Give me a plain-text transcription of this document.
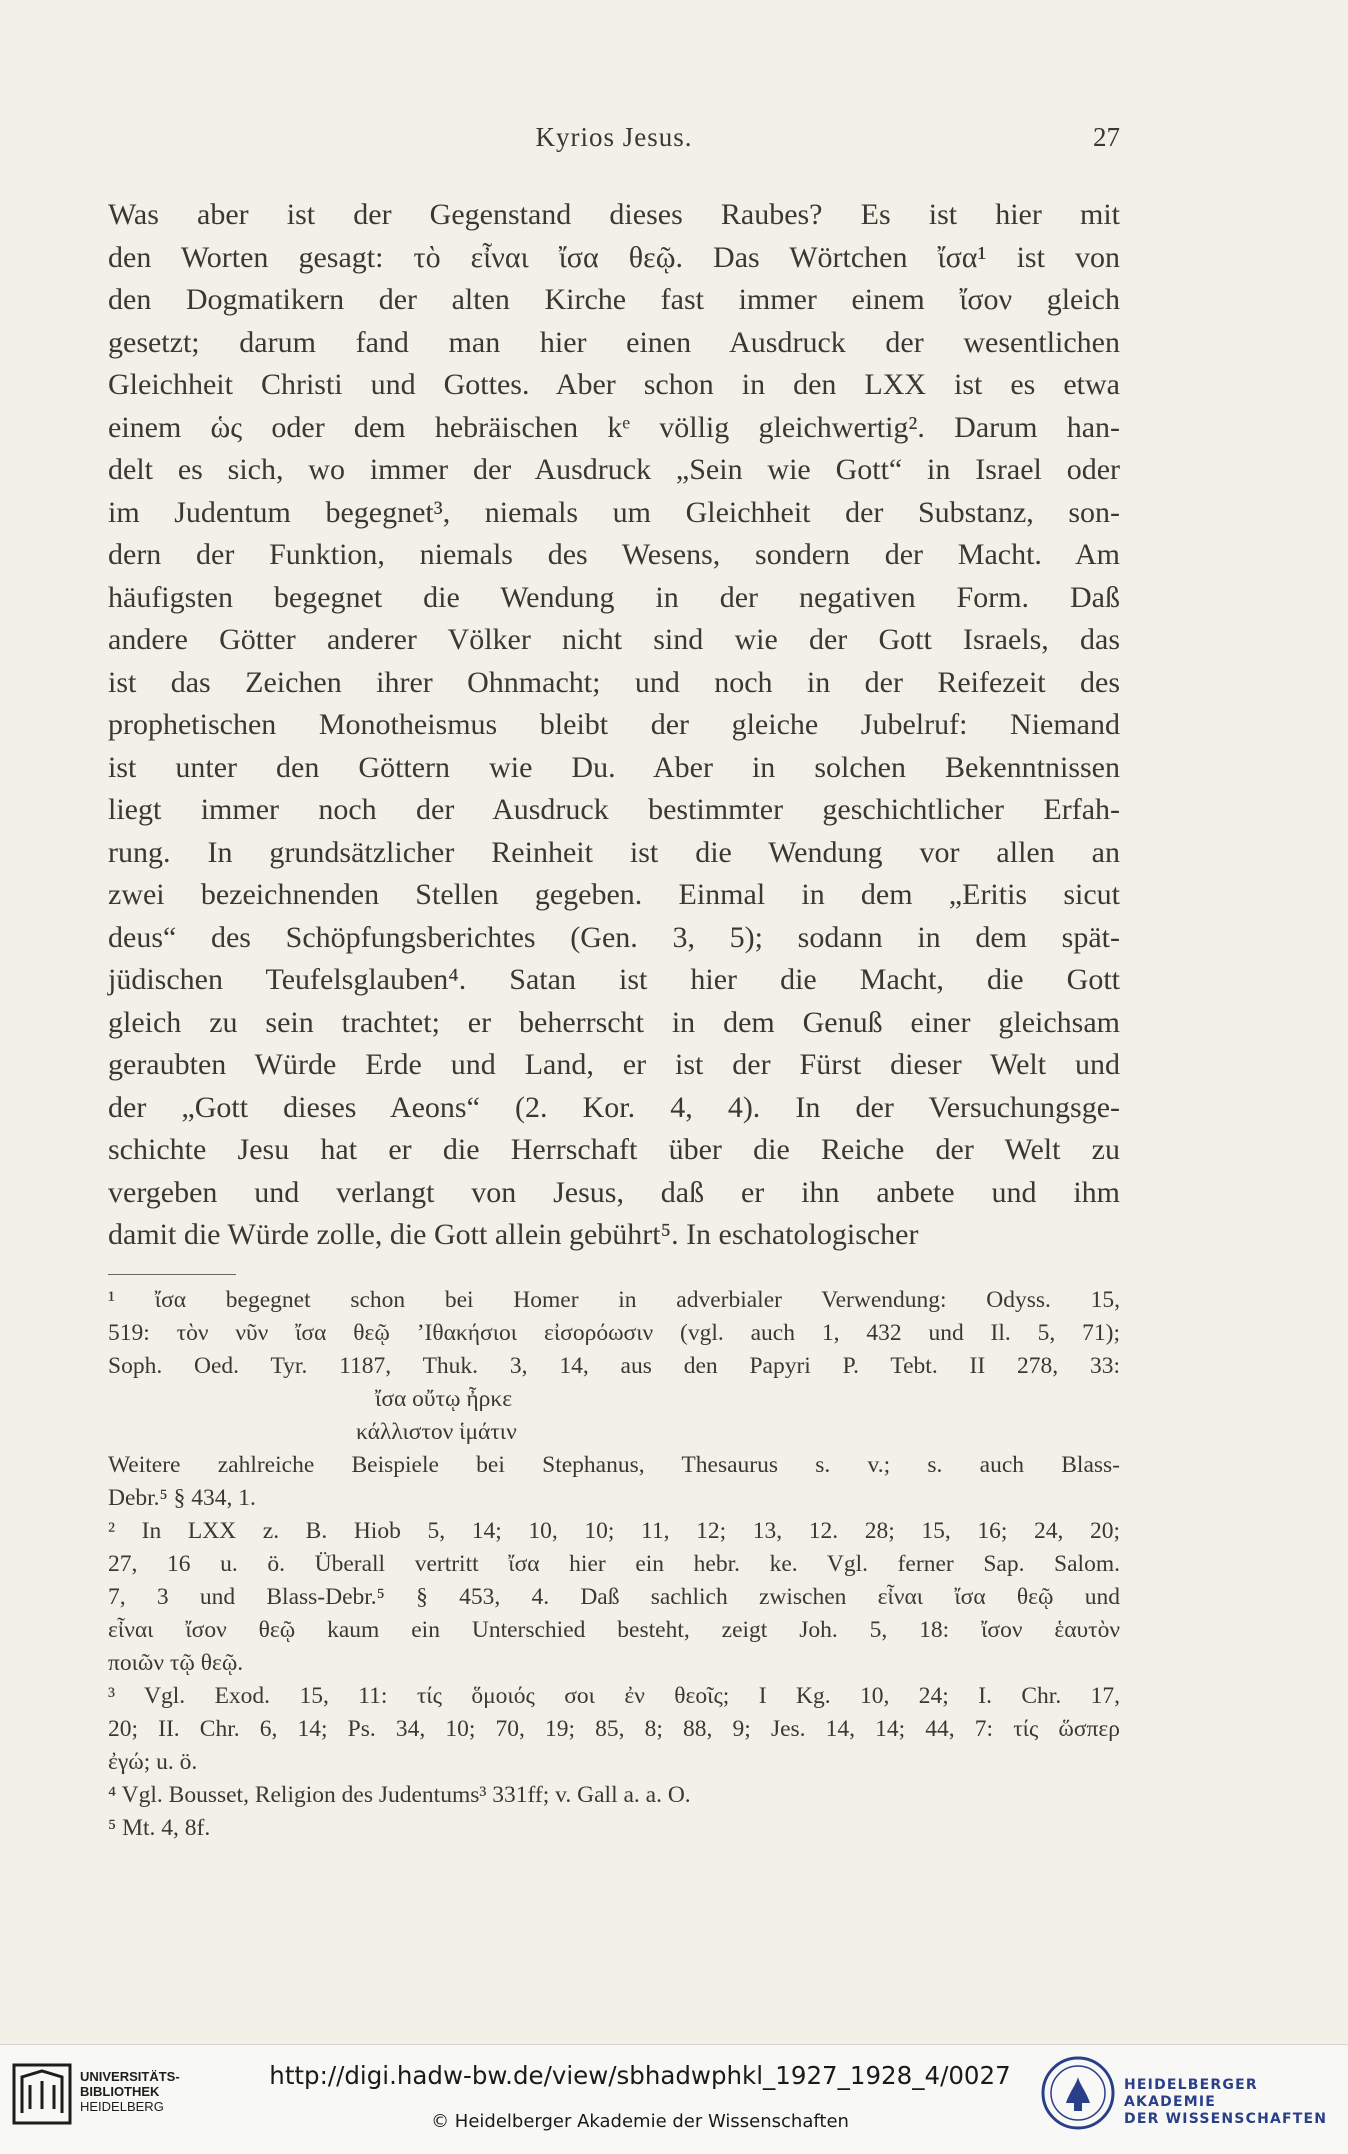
Kyrios Jesus.	27
Was aber ist der Gegenstand dieses Raubes? Es ist hier mit
den Worten gesagt: τὸ εἶναι ἴσα θεῷ. Das Wörtchen ἴσα¹ ist von
den Dogmatikern der alten Kirche fast immer einem ἴσον gleich
gesetzt; darum fand man hier einen Ausdruck der wesentlichen
Gleichheit Christi und Gottes. Aber schon in den LXX ist es etwa
einem ὡς oder dem hebräischen kᵉ völlig gleichwertig². Darum han-
delt es sich, wo immer der Ausdruck „Sein wie Gott“ in Israel oder
im Judentum begegnet³, niemals um Gleichheit der Substanz, son-
dern der Funktion, niemals des Wesens, sondern der Macht. Am
häufigsten begegnet die Wendung in der negativen Form. Daß
andere Götter anderer Völker nicht sind wie der Gott Israels, das
ist das Zeichen ihrer Ohnmacht; und noch in der Reifezeit des
prophetischen Monotheismus bleibt der gleiche Jubelruf: Niemand
ist unter den Göttern wie Du. Aber in solchen Bekenntnissen
liegt immer noch der Ausdruck bestimmter geschichtlicher Erfah-
rung. In grundsätzlicher Reinheit ist die Wendung vor allen an
zwei bezeichnenden Stellen gegeben. Einmal in dem „Eritis sicut
deus“ des Schöpfungsberichtes (Gen. 3, 5); sodann in dem spät-
jüdischen Teufelsglauben⁴. Satan ist hier die Macht, die Gott
gleich zu sein trachtet; er beherrscht in dem Genuß einer gleichsam
geraubten Würde Erde und Land, er ist der Fürst dieser Welt und
der „Gott dieses Aeons“ (2. Kor. 4, 4). In der Versuchungsge-
schichte Jesu hat er die Herrschaft über die Reiche der Welt zu
vergeben und verlangt von Jesus, daß er ihn anbete und ihm
damit die Würde zolle, die Gott allein gebührt⁵. In eschatologischer
¹ ἴσα begegnet schon bei Homer in adverbialer Verwendung: Odyss. 15,
519: τὸν νῦν ἴσα θεῷ ’Ιθακήσιοι εἰσορόωσιν (vgl. auch 1, 432 und Il. 5, 71);
Soph. Oed. Tyr. 1187, Thuk. 3, 14, aus den Papyri P. Tebt. II 278, 33:
ἴσα οὔτῳ ἦρκε
κάλλιστον ἱμάτιν
Weitere zahlreiche Beispiele bei Stephanus, Thesaurus s. v.; s. auch Blass-
Debr.⁵ § 434, 1.
² In LXX z. B. Hiob 5, 14; 10, 10; 11, 12; 13, 12. 28; 15, 16; 24, 20;
27, 16 u. ö. Überall vertritt ἴσα hier ein hebr. ke. Vgl. ferner Sap. Salom.
7, 3 und Blass-Debr.⁵ § 453, 4. Daß sachlich zwischen εἶναι ἴσα θεῷ und
εἶναι ἴσον θεῷ kaum ein Unterschied besteht, zeigt Joh. 5, 18: ἴσον ἑαυτὸν
ποιῶν τῷ θεῷ.
³ Vgl. Exod. 15, 11: τίς ὅμοιός σοι ἐν θεοῖς; I Kg. 10, 24; I. Chr. 17,
20; II. Chr. 6, 14; Ps. 34, 10; 70, 19; 85, 8; 88, 9; Jes. 14, 14; 44, 7: τίς ὥσπερ
ἐγώ; u. ö.
⁴ Vgl. Bousset, Religion des Judentums³ 331ff; v. Gall a. a. O.
⁵ Mt. 4, 8f.
UNIVERSITÄTS-
BIBLIOTHEK
HEIDELBERG
http://digi.hadw-bw.de/view/sbhadwphkl_1927_1928_4/0027
© Heidelberger Akademie der Wissenschaften
HEIDELBERGER AKADEMIE
DER WISSENSCHAFTEN
